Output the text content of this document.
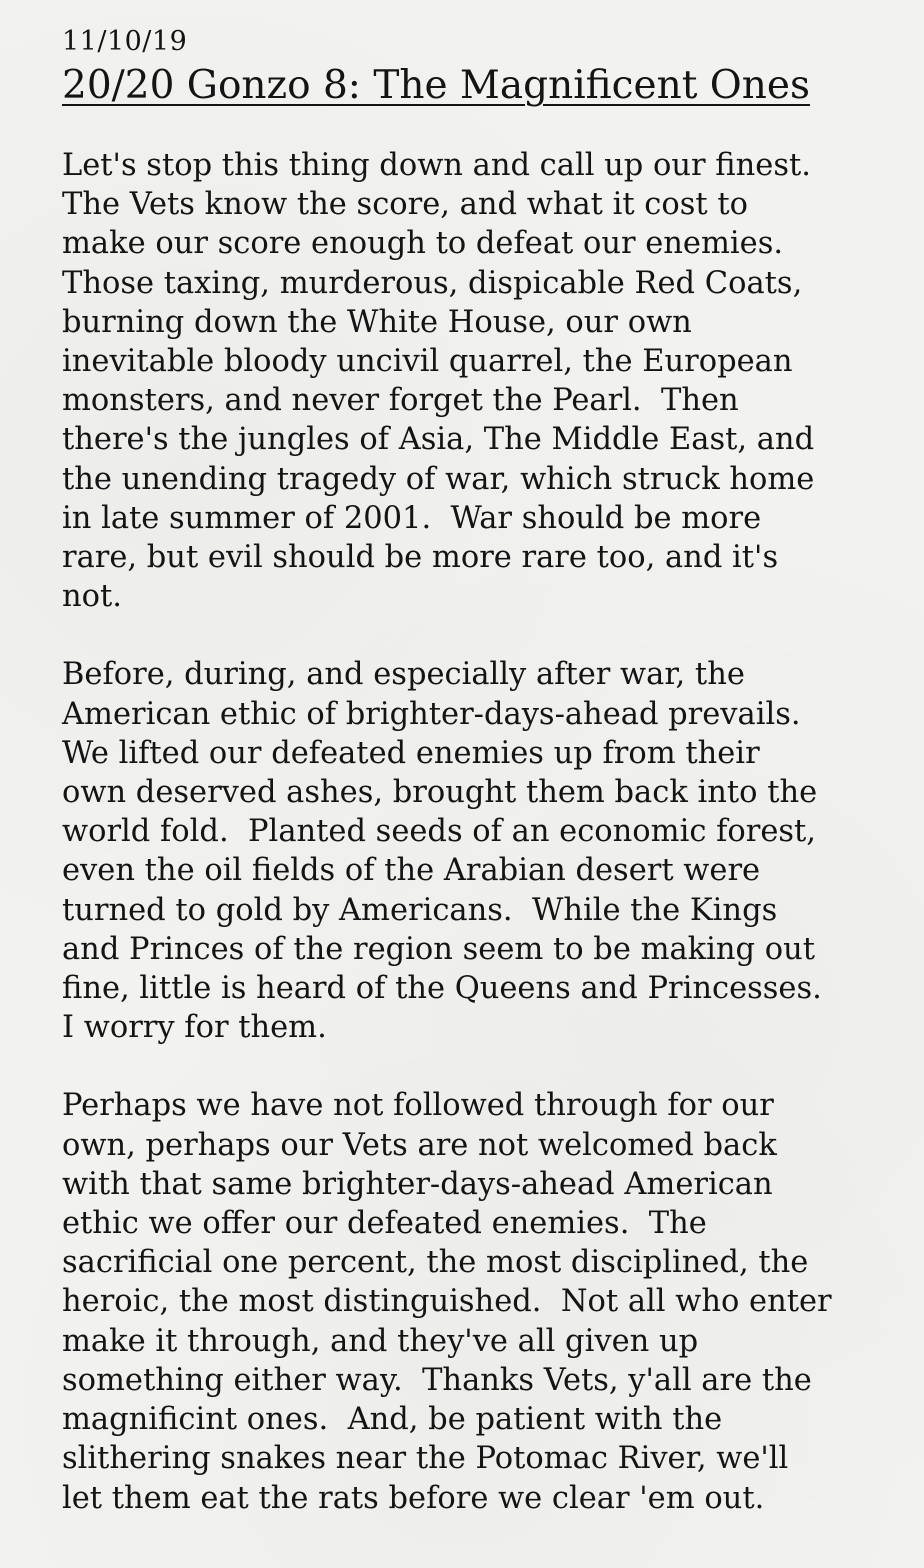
11/10/19

20/20 Gonzo 8: The Magnificent Ones
Let's stop this thing down and call up our finest.
The Vets know the score, and what it cost to
make our score enough to defeat our enemies.
Those taxing, murderous, dispicable Red Coats,
burning down the White House, our own
inevitable bloody uncivil quarrel, the European
monsters, and never forget the Pearl.  Then
there's the jungles of Asia, The Middle East, and
the unending tragedy of war, which struck home
in late summer of 2001.  War should be more
rare, but evil should be more rare too, and it's
not.
Before, during, and especially after war, the
American ethic of brighter-days-ahead prevails.
We lifted our defeated enemies up from their
own deserved ashes, brought them back into the
world fold.  Planted seeds of an economic forest,
even the oil fields of the Arabian desert were
turned to gold by Americans.  While the Kings
and Princes of the region seem to be making out
fine, little is heard of the Queens and Princesses.
I worry for them.
Perhaps we have not followed through for our
own, perhaps our Vets are not welcomed back
with that same brighter-days-ahead American
ethic we offer our defeated enemies.  The
sacrificial one percent, the most disciplined, the
heroic, the most distinguished.  Not all who enter
make it through, and they've all given up
something either way.  Thanks Vets, y'all are the
magnificint ones.  And, be patient with the
slithering snakes near the Potomac River, we'll
let them eat the rats before we clear 'em out.
